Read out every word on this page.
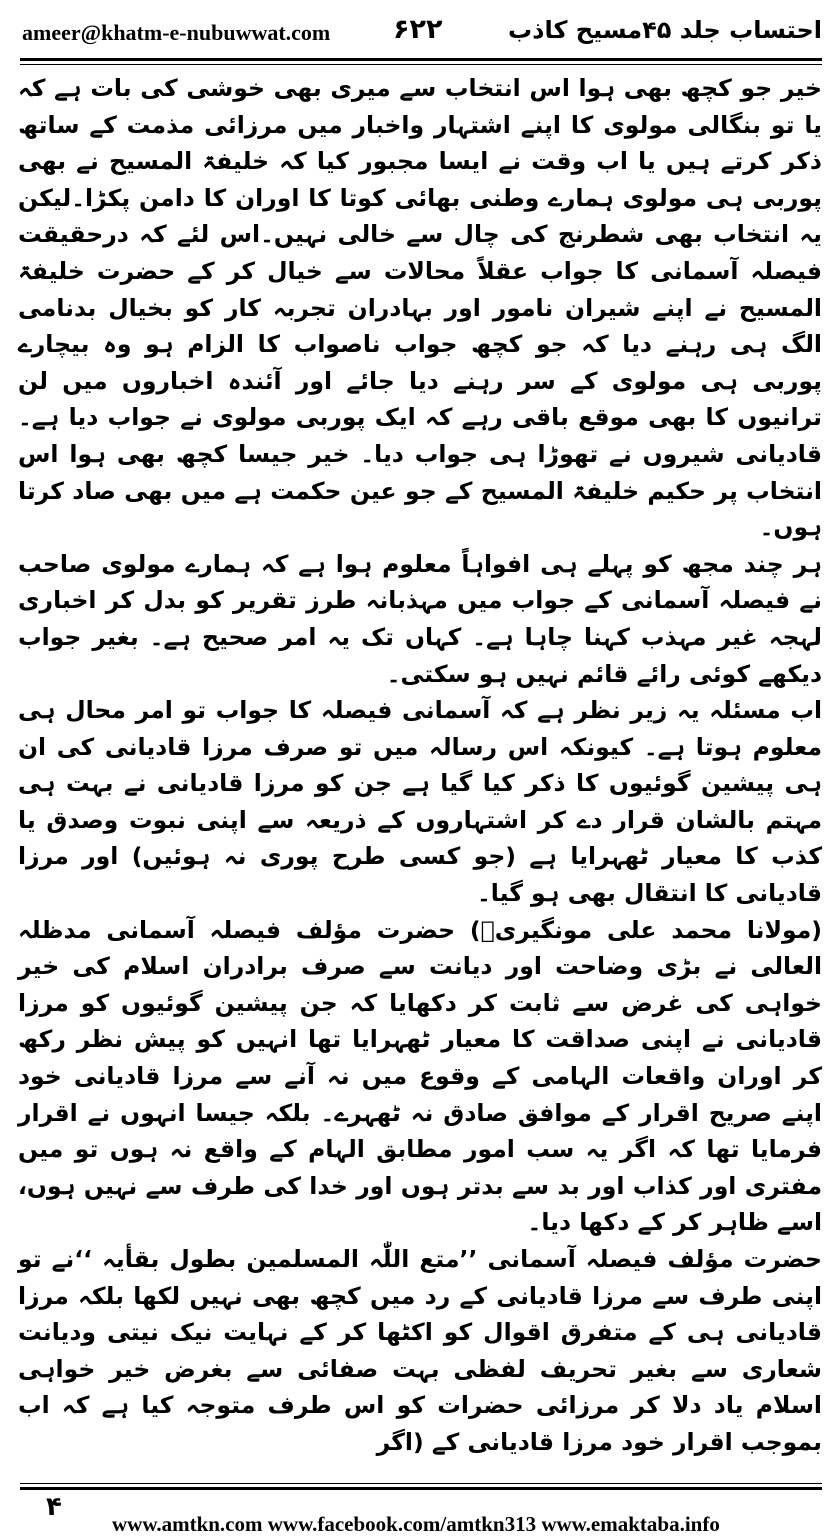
ameer@khatm-e-nubuwwat.com ۲۲۶	احتساب جلد ۴۵مسیح کاذب

خیر جو کچھ بھی ہوا اس انتخاب سے میری بھی خوشی کی بات ہے کہ یا تو بنگالی مولوی کا اپنے اشتہار واخبار میں مرزائی مذمت کے ساتھ ذکر کرتے ہیں یا اب وقت نے ایسا مجبور کیا کہ خلیفۃ المسیح نے بھی پوربی ہی مولوی ہمارے وطنی بھائی کوتا کا اوران کا دامن پکڑا۔لیکن یہ انتخاب بھی شطرنج کی چال سے خالی نہیں۔اس لئے کہ درحقیقت فیصلہ آسمانی کا جواب عقلاً محالات سے خیال کر کے حضرت خلیفۃ المسیح نے اپنے شیران نامور اور بہادران تجربہ کار کو بخیال بدنامی الگ ہی رہنے دیا کہ جو کچھ جواب ناصواب کا الزام ہو وہ بیچارے پوربی ہی مولوی کے سر رہنے دیا جائے اور آئندہ اخباروں میں لن ترانیوں کا بھی موقع باقی رہے کہ ایک پوربی مولوی نے جواب دیا ہے۔ قادیانی شیروں نے تھوڑا ہی جواب دیا۔ خیر جیسا کچھ بھی ہوا اس انتخاب پر حکیم خلیفۃ المسیح کے جو عین حکمت ہے میں بھی صاد کرتا ہوں۔

ہر چند مجھ کو پہلے ہی افواہاً معلوم ہوا ہے کہ ہمارے مولوی صاحب نے فیصلہ آسمانی کے جواب میں مہذبانہ طرز تقریر کو بدل کر اخباری لہجہ غیر مہذب کہنا چاہا ہے۔ کہاں تک یہ امر صحیح ہے۔ بغیر جواب دیکھے کوئی رائے قائم نہیں ہو سکتی۔

اب مسئلہ یہ زیر نظر ہے کہ آسمانی فیصلہ کا جواب تو امر محال ہی معلوم ہوتا ہے۔ کیونکہ اس رسالہ میں تو صرف مرزا قادیانی کی ان ہی پیشین گوئیوں کا ذکر کیا گیا ہے جن کو مرزا قادیانی نے بہت ہی مہتم بالشان قرار دے کر اشتہاروں کے ذریعہ سے اپنی نبوت وصدق یا کذب کا معیار ٹھہرایا ہے (جو کسی طرح پوری نہ ہوئیں) اور مرزا قادیانی کا انتقال بھی ہو گیا۔

(مولانا محمد علی مونگیریؒ) حضرت مؤلف فیصلہ آسمانی مدظلہ العالی نے بڑی وضاحت اور دیانت سے صرف برادران اسلام کی خیر خواہی کی غرض سے ثابت کر دکھایا کہ جن پیشین گوئیوں کو مرزا قادیانی نے اپنی صداقت کا معیار ٹھہرایا تھا انہیں کو پیش نظر رکھ کر اوران واقعات الہامی کے وقوع میں نہ آنے سے مرزا قادیانی خود اپنے صریح اقرار کے موافق صادق نہ ٹھہرے۔ بلکہ جیسا انہوں نے اقرار فرمایا تھا کہ اگر یہ سب امور مطابق الہام کے واقع نہ ہوں تو میں مفتری اور کذاب اور بد سے بدتر ہوں اور خدا کی طرف سے نہیں ہوں، اسے ظاہر کر کے دکھا دیا۔

حضرت مؤلف فیصلہ آسمانی ’’متع اللّٰہ المسلمین بطول بقأیہ ‘‘نے تو اپنی طرف سے مرزا قادیانی کے رد میں کچھ بھی نہیں لکھا بلکہ مرزا قادیانی ہی کے متفرق اقوال کو اکٹھا کر کے نہایت نیک نیتی ودیانت شعاری سے بغیر تحریف لفظی بہت صفائی سے بغرض خیر خواہی اسلام یاد دلا کر مرزائی حضرات کو اس طرف متوجہ کیا ہے کہ اب بموجب اقرار خود مرزا قادیانی کے (اگر

۴
www.amtkn.com www.facebook.com/amtkn313 www.emaktaba.info
